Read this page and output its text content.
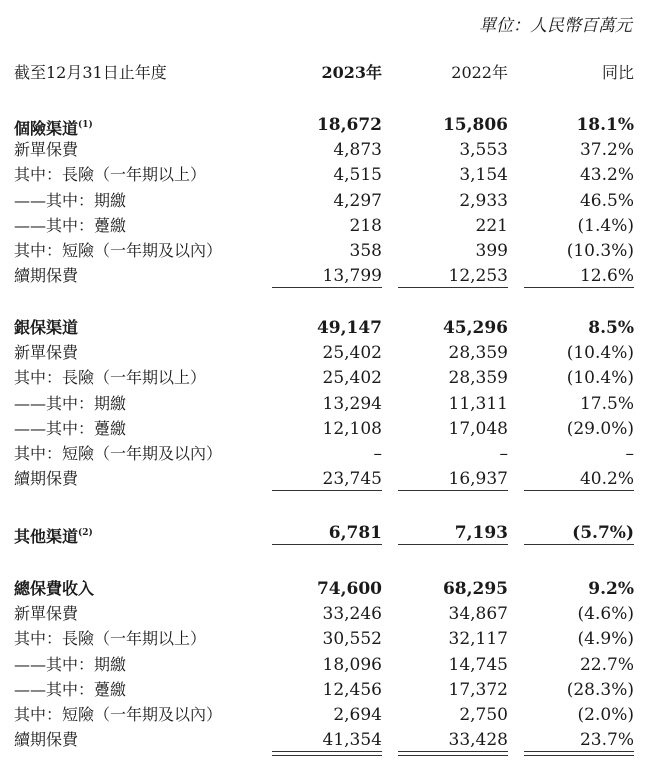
單位：人民幣百萬元
截至12月31日止年度	2023年	2022年	同比
個險渠道$^{(1)}$	18,672	15,806	18.1%
新單保費	4,873	3,553	37.2%
其中：長險（一年期以上）	4,515	3,154	43.2%
——其中：期繳	4,297	2,933	46.5%
——其中：躉繳	218	221	(1.4%)
其中：短險（一年期及以內）	358	399	(10.3%)
續期保費	13,799	12,253	12.6%
銀保渠道	49,147	45,296	8.5%
新單保費	25,402	28,359	(10.4%)
其中：長險（一年期以上）	25,402	28,359	(10.4%)
——其中：期繳	13,294	11,311	17.5%
——其中：躉繳	12,108	17,048	(29.0%)
其中：短險（一年期及以內）	–	–	–
續期保費	23,745	16,937	40.2%
其他渠道$^{(2)}$	6,781	7,193	(5.7%)
總保費收入	74,600	68,295	9.2%
新單保費	33,246	34,867	(4.6%)
其中：長險（一年期以上）	30,552	32,117	(4.9%)
——其中：期繳	18,096	14,745	22.7%
——其中：躉繳	12,456	17,372	(28.3%)
其中：短險（一年期及以內）	2,694	2,750	(2.0%)
續期保費	41,354	33,428	23.7%
